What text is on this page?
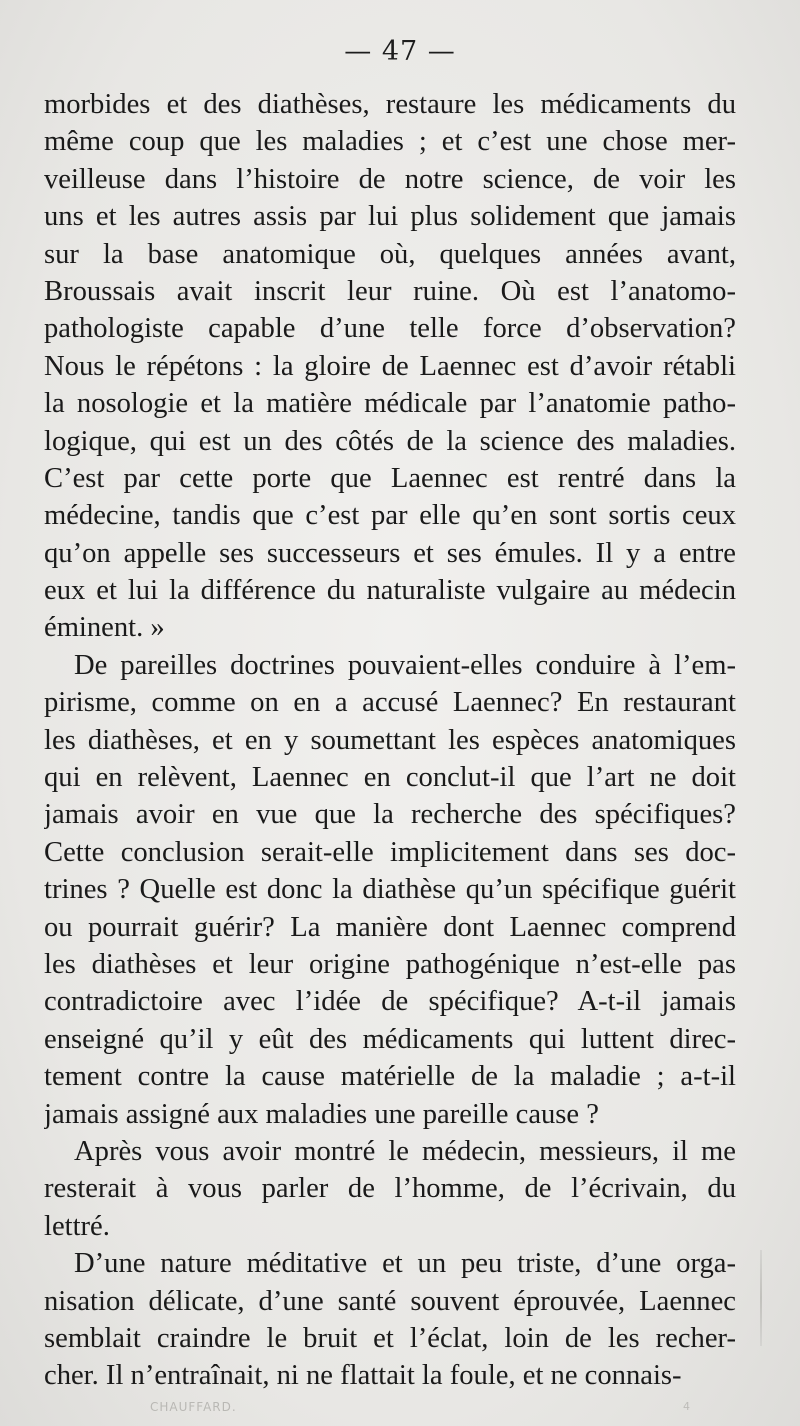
— 47 —
morbides et des diathèses, restaure les médicaments du
même coup que les maladies ; et c’est une chose mer-
veilleuse dans l’histoire de notre science, de voir les
uns et les autres assis par lui plus solidement que jamais
sur la base anatomique où, quelques années avant,
Broussais avait inscrit leur ruine. Où est l’anatomo-
pathologiste capable d’une telle force d’observation?
Nous le répétons : la gloire de Laennec est d’avoir rétabli
la nosologie et la matière médicale par l’anatomie patho-
logique, qui est un des côtés de la science des maladies.
C’est par cette porte que Laennec est rentré dans la
médecine, tandis que c’est par elle qu’en sont sortis ceux
qu’on appelle ses successeurs et ses émules. Il y a entre
eux et lui la différence du naturaliste vulgaire au médecin
éminent. »
De pareilles doctrines pouvaient-elles conduire à l’em-
pirisme, comme on en a accusé Laennec? En restaurant
les diathèses, et en y soumettant les espèces anatomiques
qui en relèvent, Laennec en conclut-il que l’art ne doit
jamais avoir en vue que la recherche des spécifiques?
Cette conclusion serait-elle implicitement dans ses doc-
trines ? Quelle est donc la diathèse qu’un spécifique guérit
ou pourrait guérir? La manière dont Laennec comprend
les diathèses et leur origine pathogénique n’est-elle pas
contradictoire avec l’idée de spécifique? A-t-il jamais
enseigné qu’il y eût des médicaments qui luttent direc-
tement contre la cause matérielle de la maladie ; a-t-il
jamais assigné aux maladies une pareille cause ?
Après vous avoir montré le médecin, messieurs, il me
resterait à vous parler de l’homme, de l’écrivain, du
lettré.
D’une nature méditative et un peu triste, d’une orga-
nisation délicate, d’une santé souvent éprouvée, Laennec
semblait craindre le bruit et l’éclat, loin de les recher-
cher. Il n’entraînait, ni ne flattait la foule, et ne connais-
CHAUFFARD.	4
